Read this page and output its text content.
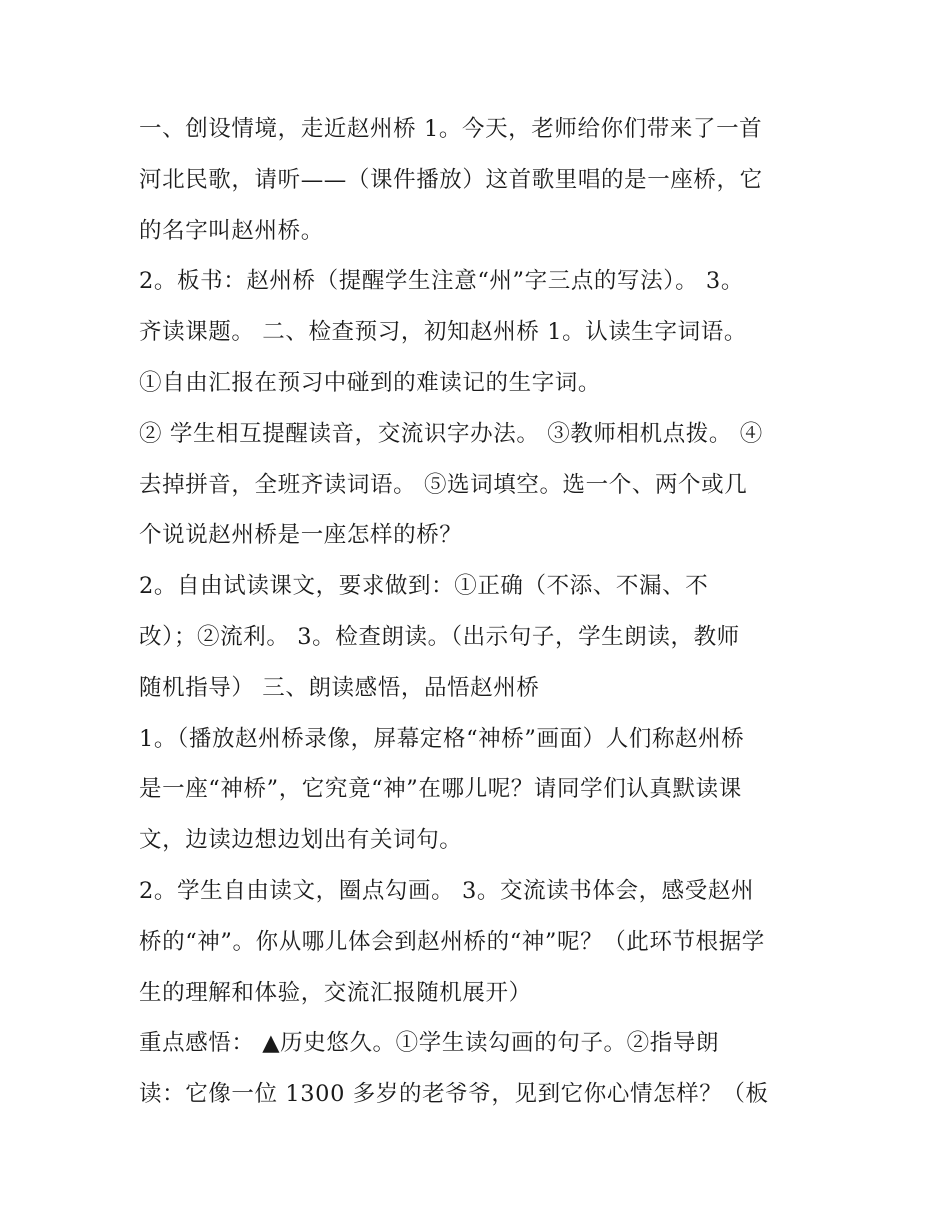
一、创设情境，走近赵州桥 1。今天，老师给你们带来了一首
河北民歌，请听——（课件播放）这首歌里唱的是一座桥，它
的名字叫赵州桥。
2。板书：赵州桥（提醒学生注意“州”字三点的写法）。 3。
齐读课题。 二、检查预习，初知赵州桥 1。认读生字词语。
①自由汇报在预习中碰到的难读记的生字词。
② 学生相互提醒读音，交流识字办法。 ③教师相机点拨。 ④
去掉拼音，全班齐读词语。 ⑤选词填空。选一个、两个或几
个说说赵州桥是一座怎样的桥？
2。自由试读课文，要求做到：①正确（不添、不漏、不
改）；②流利。 3。检查朗读。（出示句子，学生朗读，教师
随机指导） 三、朗读感悟，品悟赵州桥
1。（播放赵州桥录像，屏幕定格“神桥”画面）人们称赵州桥
是一座“神桥”，它究竟“神”在哪儿呢？请同学们认真默读课
文，边读边想边划出有关词句。
2。学生自由读文，圈点勾画。 3。交流读书体会，感受赵州
桥的“神”。你从哪儿体会到赵州桥的“神”呢？（此环节根据学
生的理解和体验，交流汇报随机展开）
重点感悟： ▲历史悠久。①学生读勾画的句子。②指导朗
读：它像一位 1300 多岁的老爷爷，见到它你心情怎样？（板
